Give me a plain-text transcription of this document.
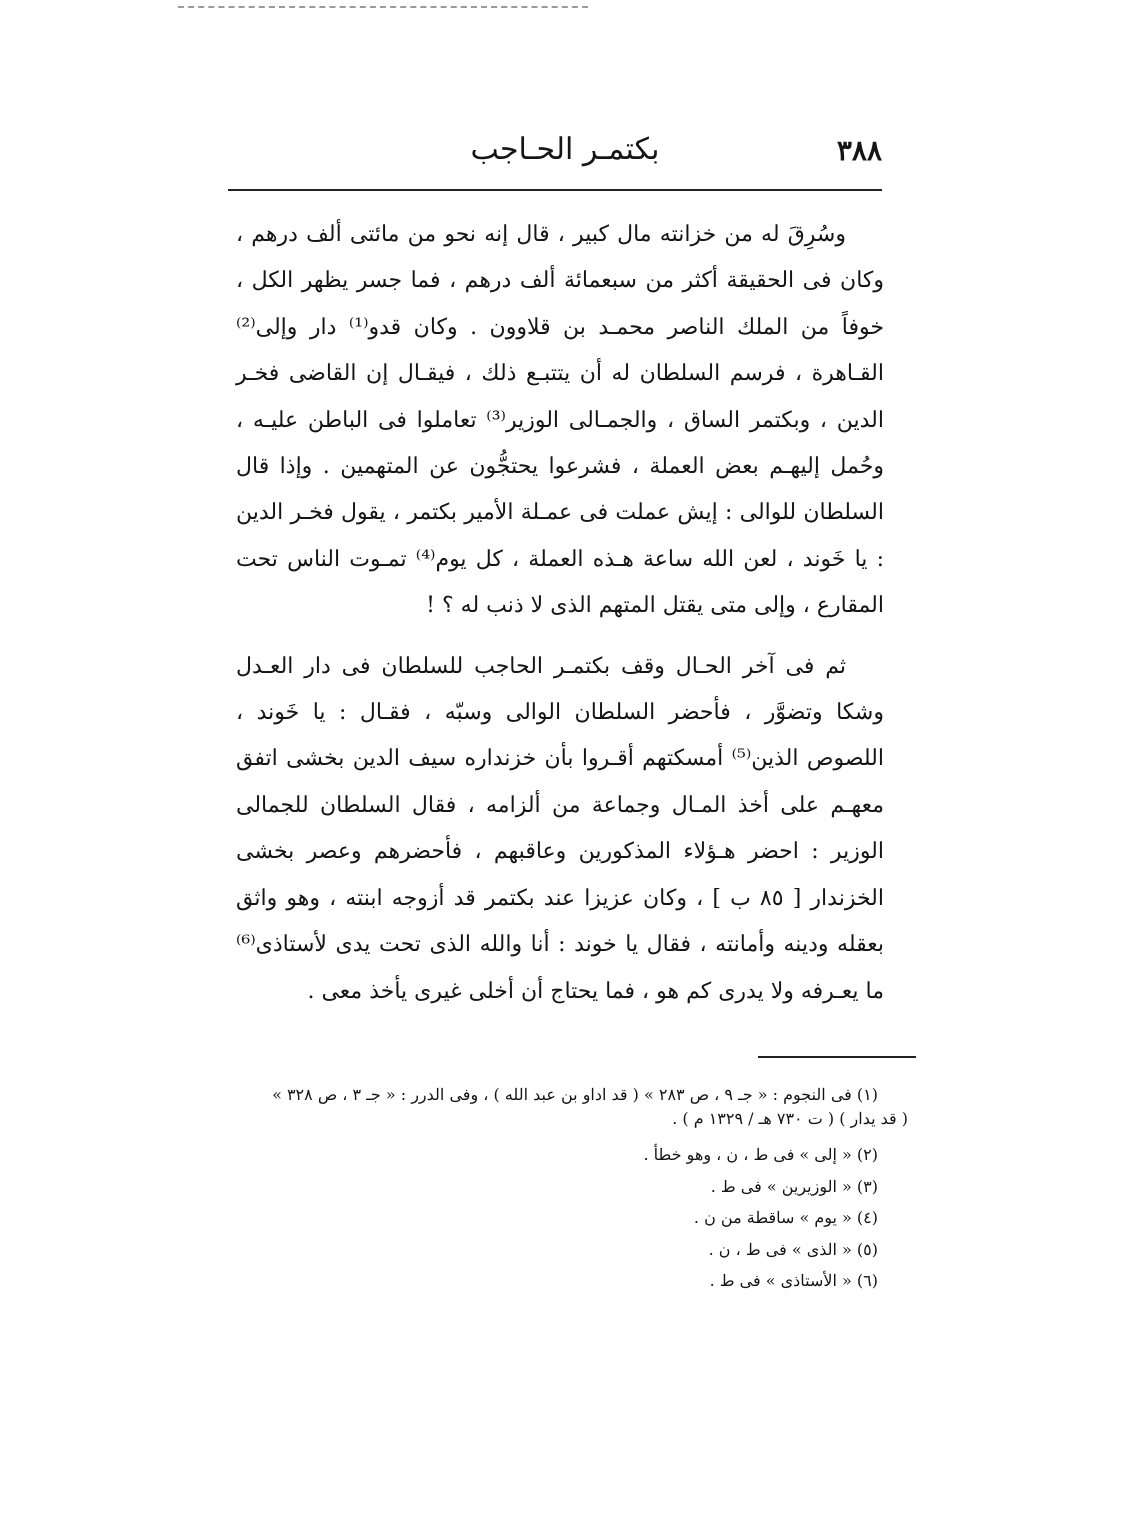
٣٨٨
بكتمـر الحـاجب

وسُرِقَ له من خزانته مال كبير ، قال إنه نحو من مائتى ألف درهم ، وكان فى الحقيقة أكثر من سبعمائة ألف درهم ، فما جسر يظهر الكل ، خوفاً من الملك الناصر محمـد بن قلاوون . وكان قدو⁽¹⁾ دار وإلى⁽²⁾ القـاهرة ، فرسم السلطان له أن يتتبـع ذلك ، فيقـال إن القاضى فخـر الدين ، وبكتمر الساق ، والجمـالى الوزير⁽³⁾ تعاملوا فى الباطن عليـه ، وحُمل إليهـم بعض العملة ، فشرعوا يحتجُّون عن المتهمين . وإذا قال السلطان للوالى : إيش عملت فى عمـلة الأمير بكتمر ، يقول فخـر الدين : يا خَوند ، لعن الله ساعة هـذه العملة ، كل يوم⁽⁴⁾ تمـوت الناس تحت المقارع ، وإلى متى يقتل المتهم الذى لا ذنب له ؟ !

ثم فى آخر الحـال وقف بكتمـر الحاجب للسلطان فى دار العـدل وشكا وتضوَّر ، فأحضر السلطان الوالى وسبّه ، فقـال : يا خَوند ، اللصوص الذين⁽⁵⁾ أمسكتهم أقـروا بأن خزنداره سيف الدين بخشى اتفق معهـم على أخذ المـال وجماعة من ألزامه ، فقال السلطان للجمالى الوزير : احضر هـؤلاء المذكورين وعاقبهم ، فأحضرهم وعصر بخشى الخزندار [ ٨٥ ب ] ، وكان عزيزا عند بكتمر قد أزوجه ابنته ، وهو واثق بعقله ودينه وأمانته ، فقال يا خوند : أنا والله الذى تحت يدى لأستاذى⁽⁶⁾ ما يعـرفه ولا يدرى كم هو ، فما يحتاج أن أخلى غيرى يأخذ معى .

(١) فى النجوم : « جـ ٩ ، ص ٢٨٣ » ( قد اداو بن عبد الله ) ، وفى الدرر : « جـ ٣ ، ص ٣٢٨ » ( قد يدار ) ( ت ٧٣٠ هـ / ١٣٢٩ م ) .

(٢) « إلى » فى ط ، ن ، وهو خطأ .

(٣) « الوزيرين » فى ط .

(٤) « يوم » ساقطة من ن .

(٥) « الذى » فى ط ، ن .

(٦) « الأستاذى » فى ط .
